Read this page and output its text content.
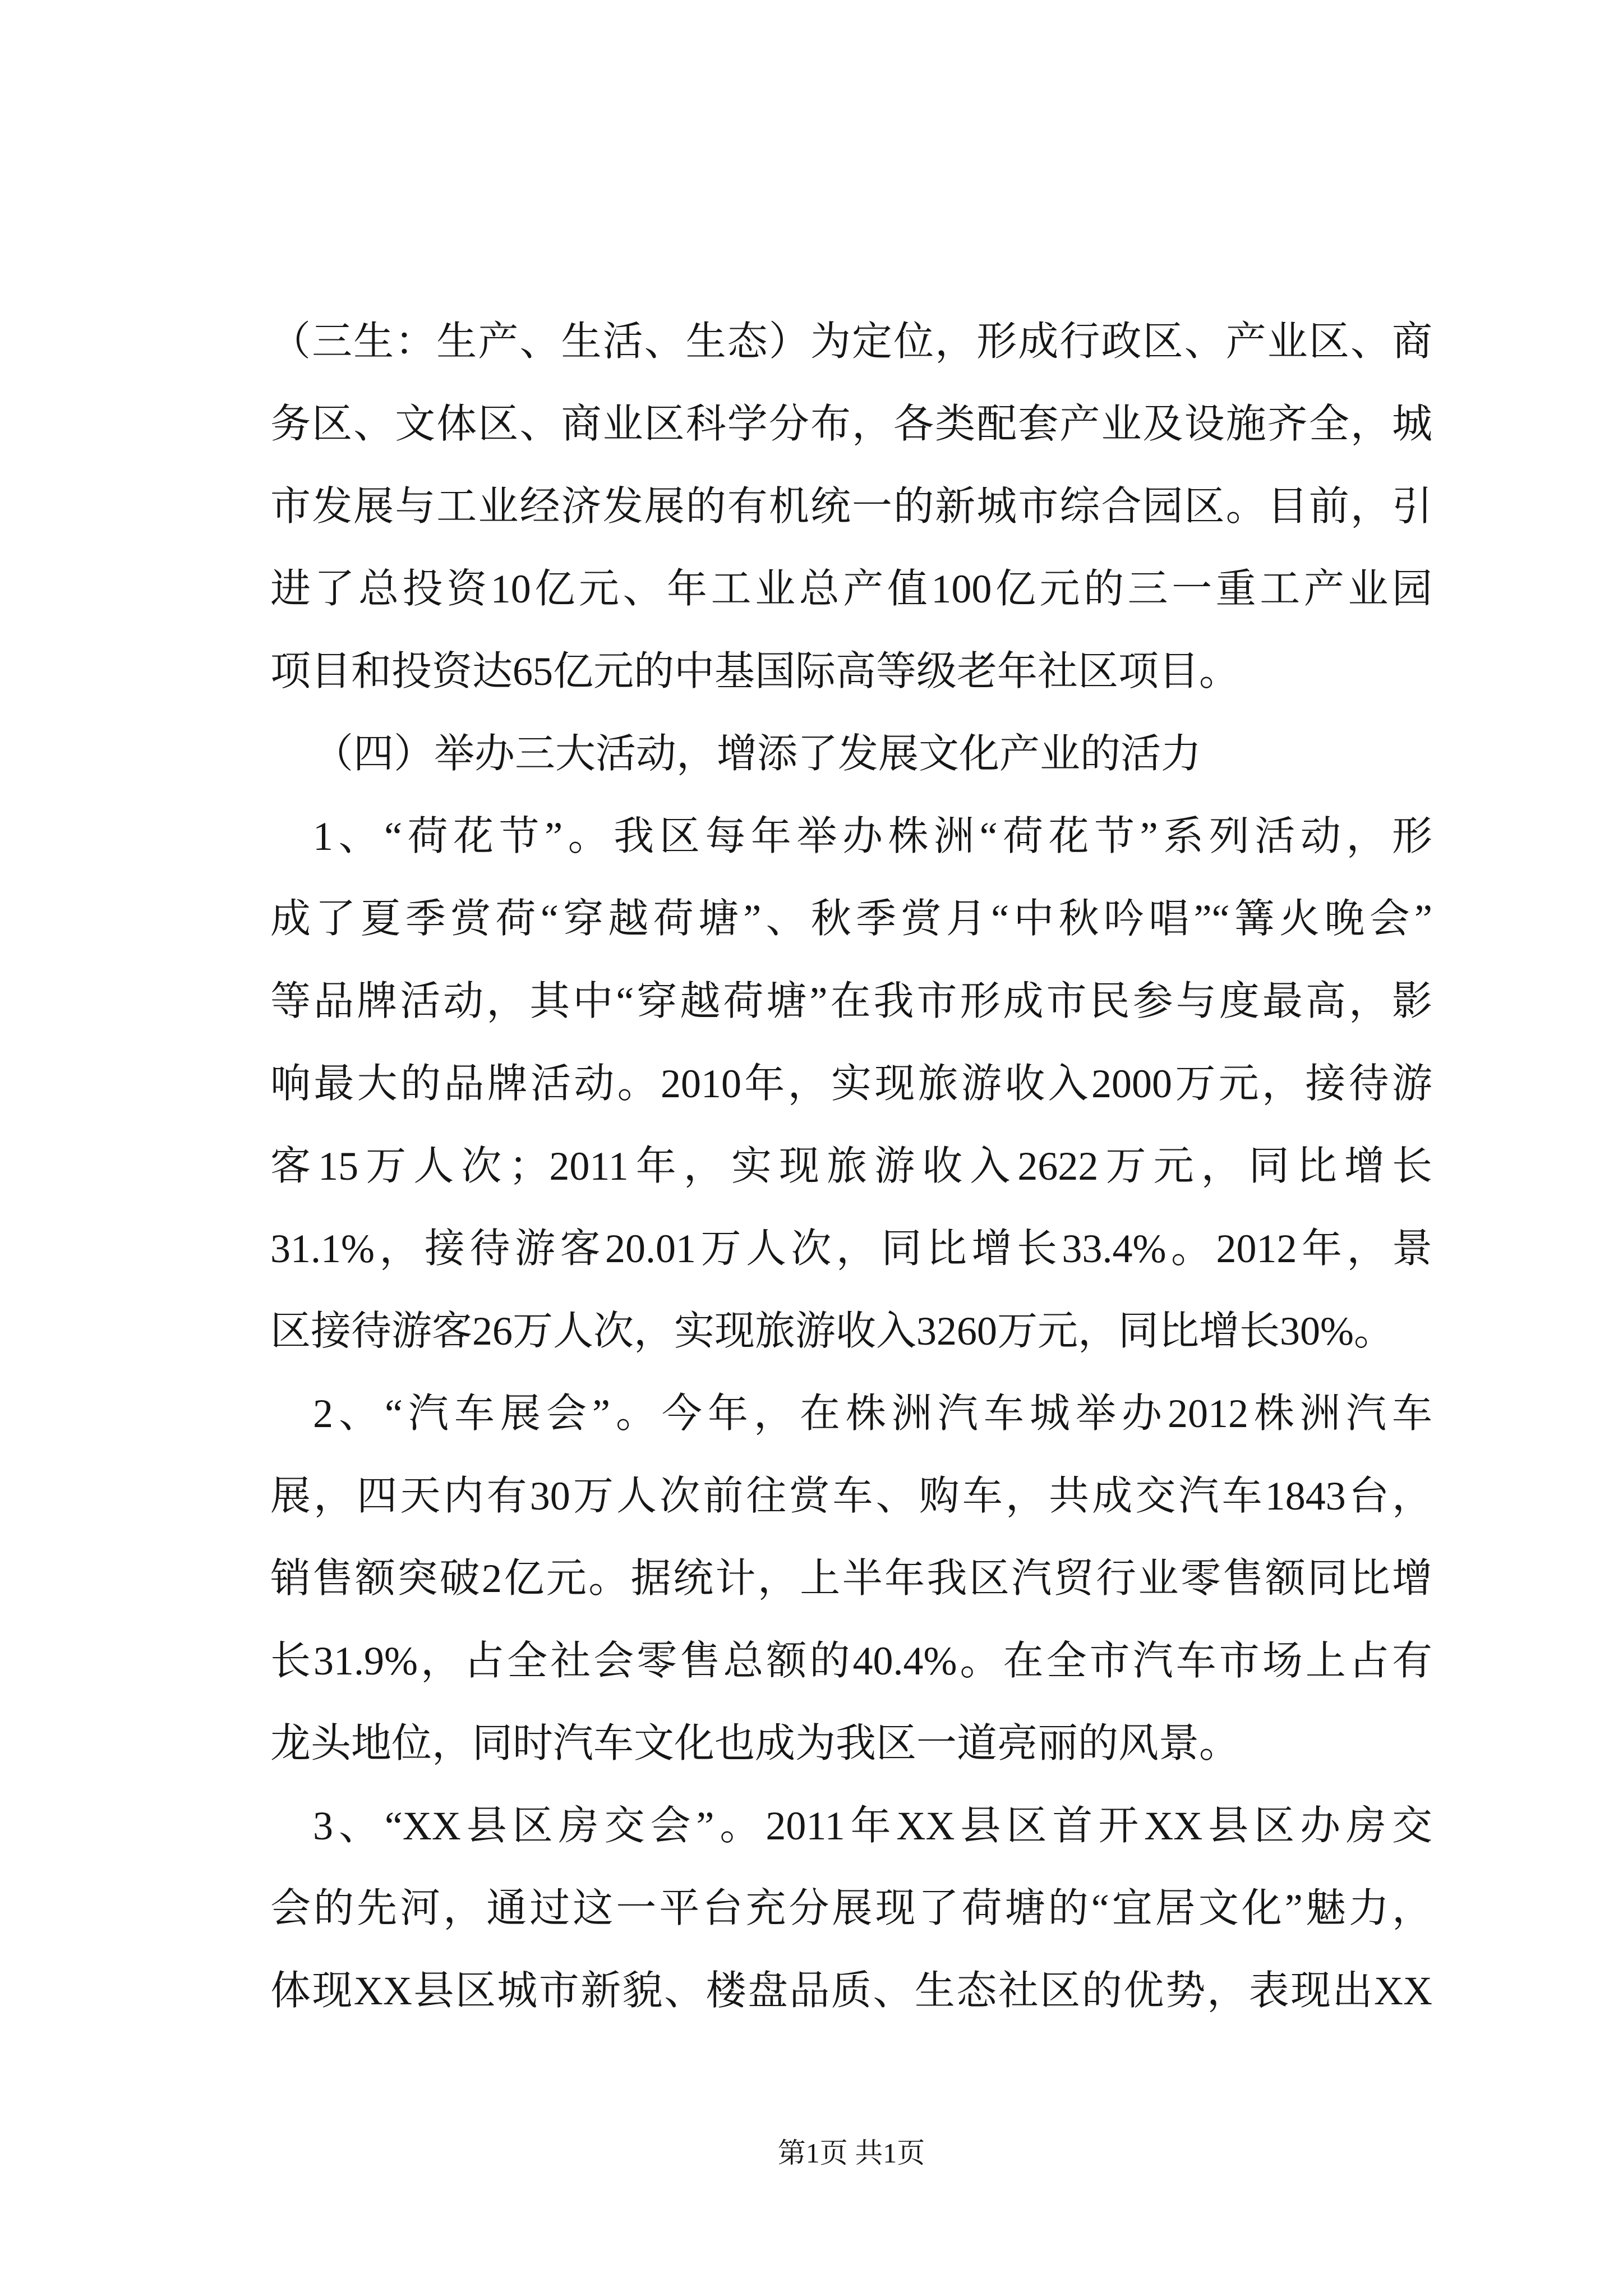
（三生：生产、生活、生态）为定位，形成行政区、产业区、商
务区、文体区、商业区科学分布，各类配套产业及设施齐全，城
市发展与工业经济发展的有机统一的新城市综合园区。目前，引
进了总投资10亿元、年工业总产值100亿元的三一重工产业园
项目和投资达65亿元的中基国际高等级老年社区项目。
（四）举办三大活动，增添了发展文化产业的活力
1、“荷花节”。我区每年举办株洲“荷花节”系列活动，形
成了夏季赏荷“穿越荷塘”、秋季赏月“中秋吟唱”“篝火晚会”
等品牌活动，其中“穿越荷塘”在我市形成市民参与度最高，影
响最大的品牌活动。2010年，实现旅游收入2000万元，接待游
客15万人次；2011年，实现旅游收入2622万元，同比增长
31.1%，接待游客20.01万人次，同比增长33.4%。2012年，景
区接待游客26万人次，实现旅游收入3260万元，同比增长30%。
2、“汽车展会”。今年，在株洲汽车城举办2012株洲汽车
展，四天内有30万人次前往赏车、购车，共成交汽车1843台，
销售额突破2亿元。据统计，上半年我区汽贸行业零售额同比增
长31.9%，占全社会零售总额的40.4%。在全市汽车市场上占有
龙头地位，同时汽车文化也成为我区一道亮丽的风景。
3、“XX县区房交会”。2011年XX县区首开XX县区办房交
会的先河，通过这一平台充分展现了荷塘的“宜居文化”魅力，
体现XX县区城市新貌、楼盘品质、生态社区的优势，表现出XX
第1页 共1页
